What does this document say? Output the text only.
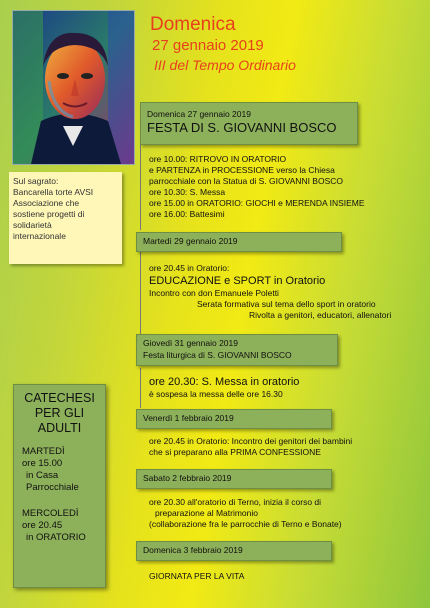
Domenica
27 gennaio 2019
III del Tempo Ordinario
Sul sagrato:
Bancarella torte AVSI
Associazione che
sostiene progetti di
solidarietà
internazionale
Domenica 27 gennaio 2019
FESTA DI S. GIOVANNI BOSCO
ore 10.00: RITROVO IN ORATORIO
e PARTENZA in PROCESSIONE verso la Chiesa
parrocchiale con la Statua di S. GIOVANNI BOSCO
ore 10.30: S. Messa
ore 15.00 in ORATORIO: GIOCHI e MERENDA INSIEME
ore 16.00: Battesimi
Martedì 29 gennaio 2019
ore 20.45 in Oratorio:
EDUCAZIONE e SPORT in Oratorio
Incontro con don Emanuele Poletti
Serata formativa sul tema dello sport in oratorio
Rivolta a genitori, educatori, allenatori
Giovedì 31 gennaio 2019
Festa liturgica di S. GIOVANNI BOSCO
ore 20.30: S. Messa in oratorio
è sospesa la messa delle ore 16.30
Venerdì 1 febbraio 2019
ore 20.45 in Oratorio: Incontro dei genitori dei bambini
che si preparano alla PRIMA CONFESSIONE
Sabato 2 febbraio 2019
ore 20.30 all'oratorio di Terno, inizia il corso di
preparazione al Matrimonio
(collaborazione fra le parrocchie di Terno e Bonate)
Domenica 3 febbraio 2019
GIORNATA PER LA VITA
CATECHESI
PER GLI
ADULTI
MARTEDÌ
ore 15.00
in Casa
Parrocchiale
MERCOLEDÌ
ore 20.45
in ORATORIO
